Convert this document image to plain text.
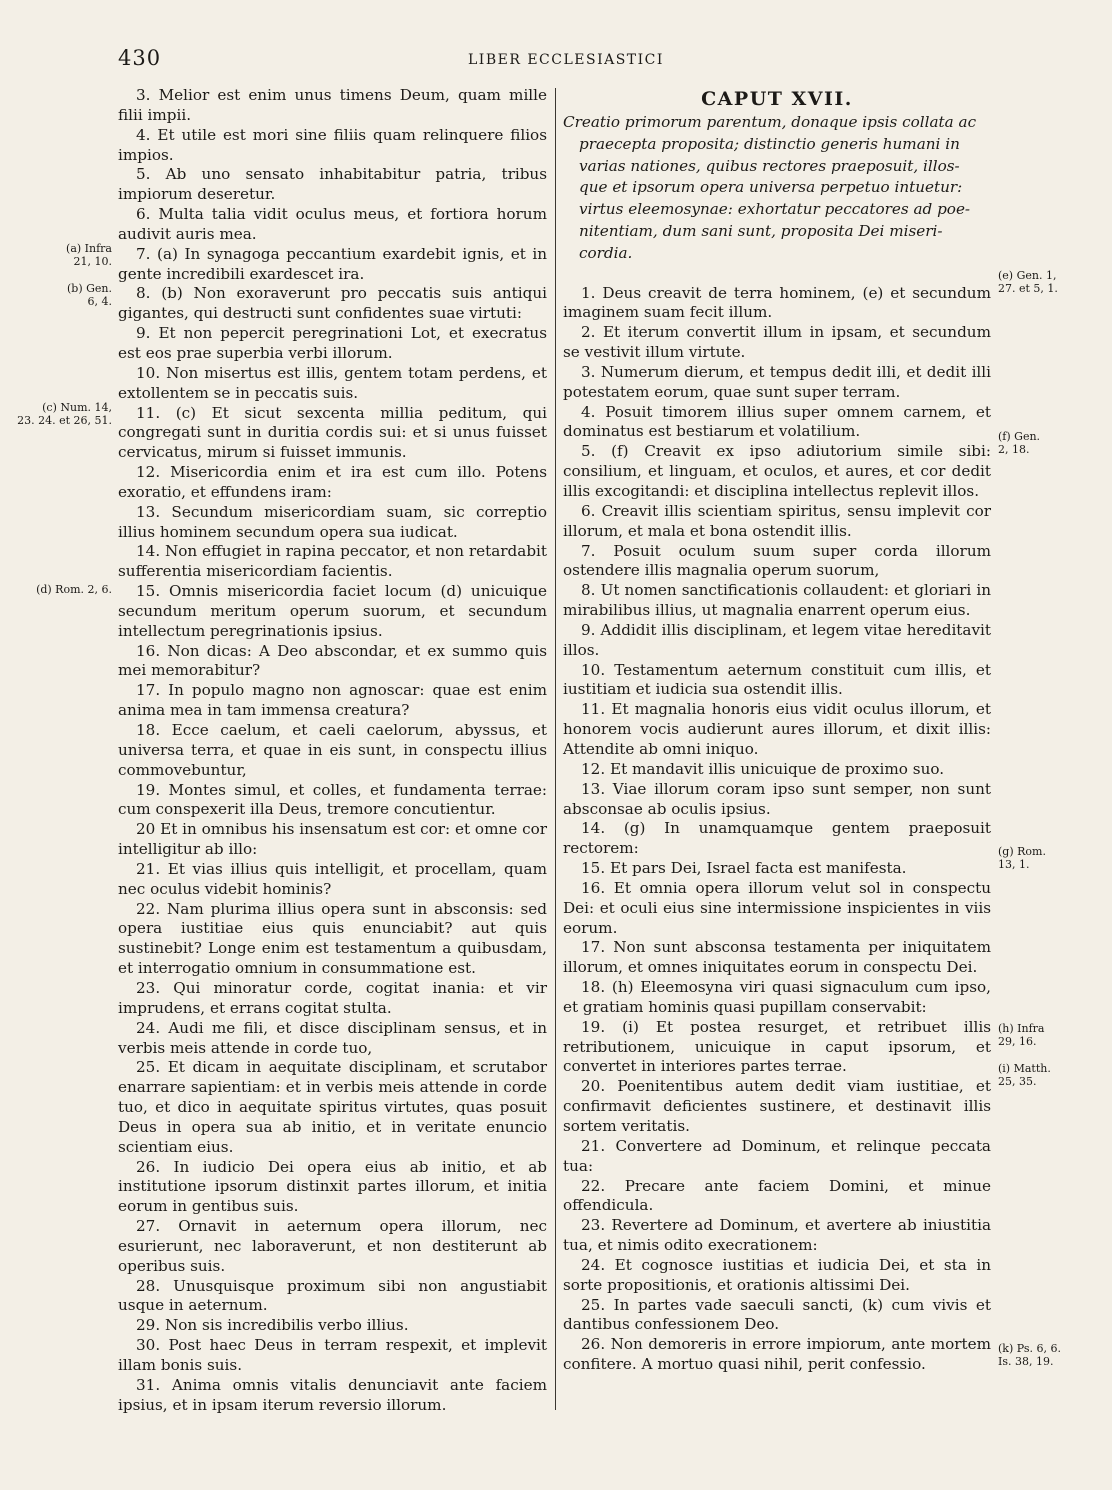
430	LIBER ECCLESIASTICI

3. Melior est enim unus timens Deum, quam mille filii impii.

4. Et utile est mori sine filiis quam relinquere filios impios.

5. Ab uno sensato inhabitabitur patria, tribus impiorum deseretur.

6. Multa talia vidit oculus meus, et fortiora horum audivit auris mea.

7. (a) In synagoga peccantium exardebit ignis, et in gente incredibili exardescet ira.

8. (b) Non exoraverunt pro peccatis suis antiqui gigantes, qui destructi sunt confidentes suae virtuti:

9. Et non pepercit peregrinationi Lot, et execratus est eos prae superbia verbi illorum.

10. Non misertus est illis, gentem totam perdens, et extollentem se in peccatis suis.

11. (c) Et sicut sexcenta millia peditum, qui congregati sunt in duritia cordis sui: et si unus fuisset cervicatus, mirum si fuisset immunis.

12. Misericordia enim et ira est cum illo. Potens exoratio, et effundens iram:

13. Secundum misericordiam suam, sic correptio illius hominem secundum opera sua iudicat.

14. Non effugiet in rapina peccator, et non retardabit sufferentia misericordiam facientis.

15. Omnis misericordia faciet locum (d) unicuique secundum meritum operum suorum, et secundum intellectum peregrinationis ipsius.

16. Non dicas: A Deo abscondar, et ex summo quis mei memorabitur?

17. In populo magno non agnoscar: quae est enim anima mea in tam immensa creatura?

18. Ecce caelum, et caeli caelorum, abyssus, et universa terra, et quae in eis sunt, in conspectu illius commovebuntur,

19. Montes simul, et colles, et fundamenta terrae: cum conspexerit illa Deus, tremore concutientur.

20 Et in omnibus his insensatum est cor: et omne cor intelligitur ab illo:

21. Et vias illius quis intelligit, et procellam, quam nec oculus videbit hominis?

22. Nam plurima illius opera sunt in absconsis: sed opera iustitiae eius quis enunciabit? aut quis sustinebit? Longe enim est testamentum a quibusdam, et interrogatio omnium in consummatione est.

23. Qui minoratur corde, cogitat inania: et vir imprudens, et errans cogitat stulta.

24. Audi me fili, et disce disciplinam sensus, et in verbis meis attende in corde tuo,

25. Et dicam in aequitate disciplinam, et scrutabor enarrare sapientiam: et in verbis meis attende in corde tuo, et dico in aequitate spiritus virtutes, quas posuit Deus in opera sua ab initio, et in veritate enuncio scientiam eius.

26. In iudicio Dei opera eius ab initio, et ab institutione ipsorum distinxit partes illorum, et initia eorum in gentibus suis.

27. Ornavit in aeternum opera illorum, nec esurierunt, nec laboraverunt, et non destiterunt ab operibus suis.

28. Unusquisque proximum sibi non angustiabit usque in aeternum.

29. Non sis incredibilis verbo illius.

30. Post haec Deus in terram respexit, et implevit illam bonis suis.

31. Anima omnis vitalis denunciavit ante faciem ipsius, et in ipsam iterum reversio illorum.

CAPUT XVII.

Creatio primorum parentum, donaque ipsis collata ac
praecepta proposita; distinctio generis humani in
varias nationes, quibus rectores praeposuit, illos-
que et ipsorum opera universa perpetuo intuetur:
virtus eleemosynae: exhortatur peccatores ad poe-
nitentiam, dum sani sunt, proposita Dei miseri-
cordia.

1. Deus creavit de terra hominem, (e) et secundum imaginem suam fecit illum.

2. Et iterum convertit illum in ipsam, et secundum se vestivit illum virtute.

3. Numerum dierum, et tempus dedit illi, et dedit illi potestatem eorum, quae sunt super terram.

4. Posuit timorem illius super omnem carnem, et dominatus est bestiarum et volatilium.

5. (f) Creavit ex ipso adiutorium simile sibi: consilium, et linguam, et oculos, et aures, et cor dedit illis excogitandi: et disciplina intellectus replevit illos.

6. Creavit illis scientiam spiritus, sensu implevit cor illorum, et mala et bona ostendit illis.

7. Posuit oculum suum super corda illorum ostendere illis magnalia operum suorum,

8. Ut nomen sanctificationis collaudent: et gloriari in mirabilibus illius, ut magnalia enarrent operum eius.

9. Addidit illis disciplinam, et legem vitae hereditavit illos.

10. Testamentum aeternum constituit cum illis, et iustitiam et iudicia sua ostendit illis.

11. Et magnalia honoris eius vidit oculus illorum, et honorem vocis audierunt aures illorum, et dixit illis: Attendite ab omni iniquo.

12. Et mandavit illis unicuique de proximo suo.

13. Viae illorum coram ipso sunt semper, non sunt absconsae ab oculis ipsius.

14. (g) In unamquamque gentem praeposuit rectorem:

15. Et pars Dei, Israel facta est manifesta.

16. Et omnia opera illorum velut sol in conspectu Dei: et oculi eius sine intermissione inspicientes in viis eorum.

17. Non sunt absconsa testamenta per iniquitatem illorum, et omnes iniquitates eorum in conspectu Dei.

18. (h) Eleemosyna viri quasi signaculum cum ipso, et gratiam hominis quasi pupillam conservabit:

19. (i) Et postea resurget, et retribuet illis retributionem, unicuique in caput ipsorum, et convertet in interiores partes terrae.

20. Poenitentibus autem dedit viam iustitiae, et confirmavit deficientes sustinere, et destinavit illis sortem veritatis.

21. Convertere ad Dominum, et relinque peccata tua:

22. Precare ante faciem Domini, et minue offendicula.

23. Revertere ad Dominum, et avertere ab iniustitia tua, et nimis odito execrationem:

24. Et cognosce iustitias et iudicia Dei, et sta in sorte propositionis, et orationis altissimi Dei.

25. In partes vade saeculi sancti, (k) cum vivis et dantibus confessionem Deo.

26. Non demoreris in errore impiorum, ante mortem confitere. A mortuo quasi nihil, perit confessio.

(a) Infra
21, 10.
(b) Gen.
6, 4.
(c) Num. 14,
23. 24. et 26, 51.
(d) Rom. 2, 6.
(e) Gen. 1,
27. et 5, 1.
(f) Gen.
2, 18.
(g) Rom.
13, 1.
(h) Infra
29, 16.
(i) Matth.
25, 35.
(k) Ps. 6, 6.
Is. 38, 19.
